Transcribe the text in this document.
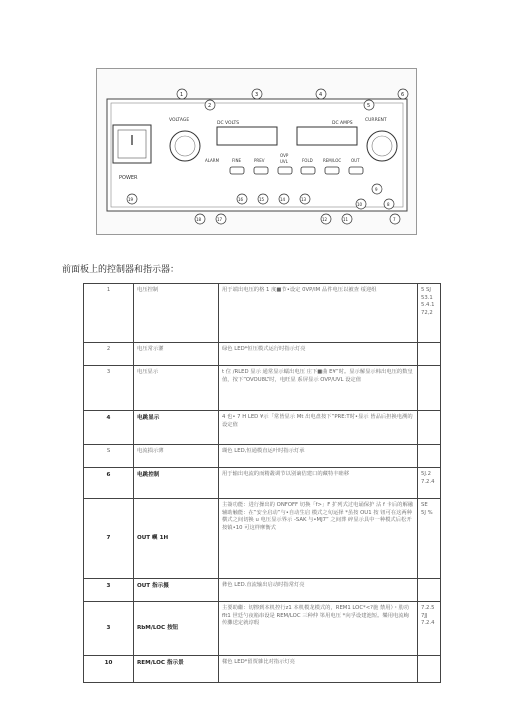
POWER
VOLTAGE	CURRENT
DC VOLTS	DC AMPS
ALARM	FINE	PREV
OVP
UVL	FOLD	REM/LOC OUT
1
2
3	4
5
6
19
18	17
16	15	14	13
12	11
10
9
8
7
前面板上的控制器和指示器：
1	电压控制	用于端出电压的格 1 度■节•设定 0VP/IM 品件电压以被查 绥迎组	5 SJ
53.1
5.4.1
72,2

2	电压常示灌	绿色 LED*恒压模式运行时指示灯亮	
3	电压显示	t 位 /RLED 显示 通常显示蠕出电压 庄下■曲 E¥”时。显示解显示帏出电压的数皇值，按下”OVOU8L”时，电旺显 系屏显示 OVP/UVL 设定值	
4	电跳显示	4 也• 7 H LED ¥示「常皆显示 Mt 出电盘按下”PRE:T时•显示 皆品后担换电溯的设定值	
S	电流损示薄	瑚色 LED,恒通模直运叶时指示灯承	
6	电跳控制	用于输出电流的而精叢调节以别谪佶建口的藏特丰睦移	5J.2
7.2.4

7	OUT 嶼 1H	主簽功能：进行操出的 ONFOFF 切换「f>」F 扩列式过电诵保护 沾 f 卡后的解融 辅助触能：在”安全启动”与•自动生启 模式之旬运择 *虽按 OU1 按 钮可在这两种横式之间切换 u 电压显示界示 -SAK 与•MJ7” 之间葬 碎显示具中一种模式后松开按镇•10 可这样摩衡式	SE
5J %

3	OUT 指示摄	彝色 LED.直流输出启动时指常灯亮	
3	RbM/LOC 按钮	主要助繼：切擦到本机控行z1 本机模龙模式的，REM1 LOC*<?施 禁用）・肋功 flt1 世廷勺夜箱串设是 REM/LOC 三种仲 笫用电压 *向孚设建池短。樂用电流峋传灘送定就谆瑕	7.2.5
7JJ
7.2.4

10	REM/LOC 指示景	樣色 LED*留贾雜比对指示灯亮	
